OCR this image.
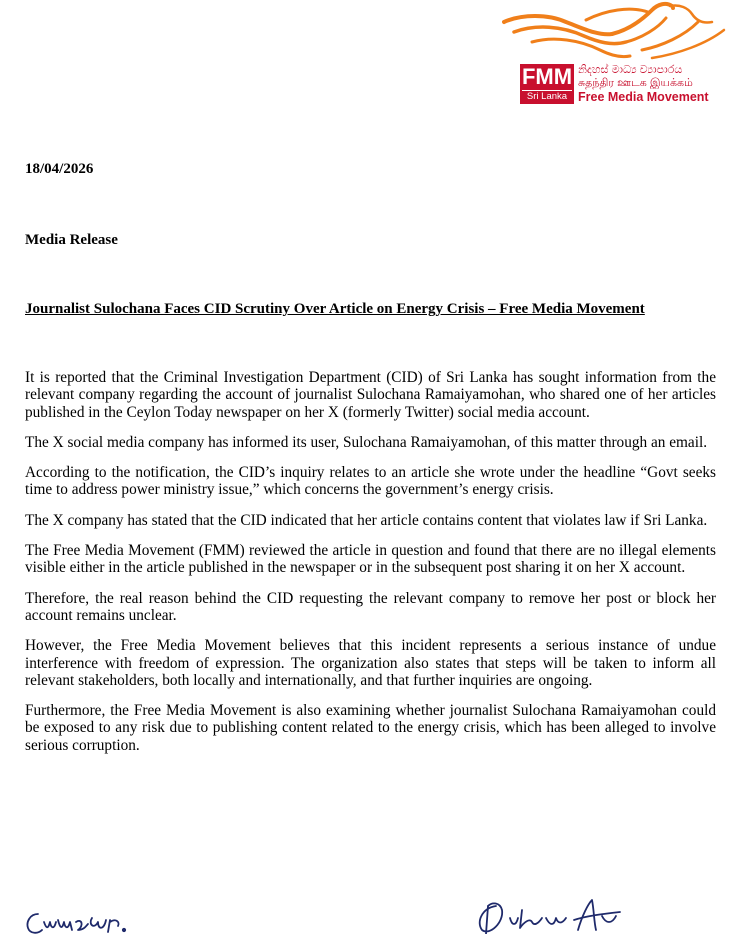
FMM
Sri Lanka
නිදහස් මාධ්‍ය ව්‍යාපාරය
சுதந்திர ஊடக இயக்கம்
Free Media Movement
18/04/2026
Media Release
Journalist Sulochana Faces CID Scrutiny Over Article on Energy Crisis – Free Media Movement

It is reported that the Criminal Investigation Department (CID) of Sri Lanka has sought information from the relevant company regarding the account of journalist Sulochana Ramaiyamohan, who shared one of her articles published in the Ceylon Today newspaper on her X (formerly Twitter) social media account.

The X social media company has informed its user, Sulochana Ramaiyamohan, of this matter through an email.

According to the notification, the CID’s inquiry relates to an article she wrote under the headline “Govt seeks time to address power ministry issue,” which concerns the government’s energy crisis.

The X company has stated that the CID indicated that her article contains content that violates law if Sri Lanka.

The Free Media Movement (FMM) reviewed the article in question and found that there are no illegal elements visible either in the article published in the newspaper or in the subsequent post sharing it on her X account.

Therefore, the real reason behind the CID requesting the relevant company to remove her post or block her account remains unclear.

However, the Free Media Movement believes that this incident represents a serious instance of undue interference with freedom of expression. The organization also states that steps will be taken to inform all relevant stakeholders, both locally and internationally, and that further inquiries are ongoing.

Furthermore, the Free Media Movement is also examining whether journalist Sulochana Ramaiyamohan could be exposed to any risk due to publishing content related to the energy crisis, which has been alleged to involve serious corruption.
